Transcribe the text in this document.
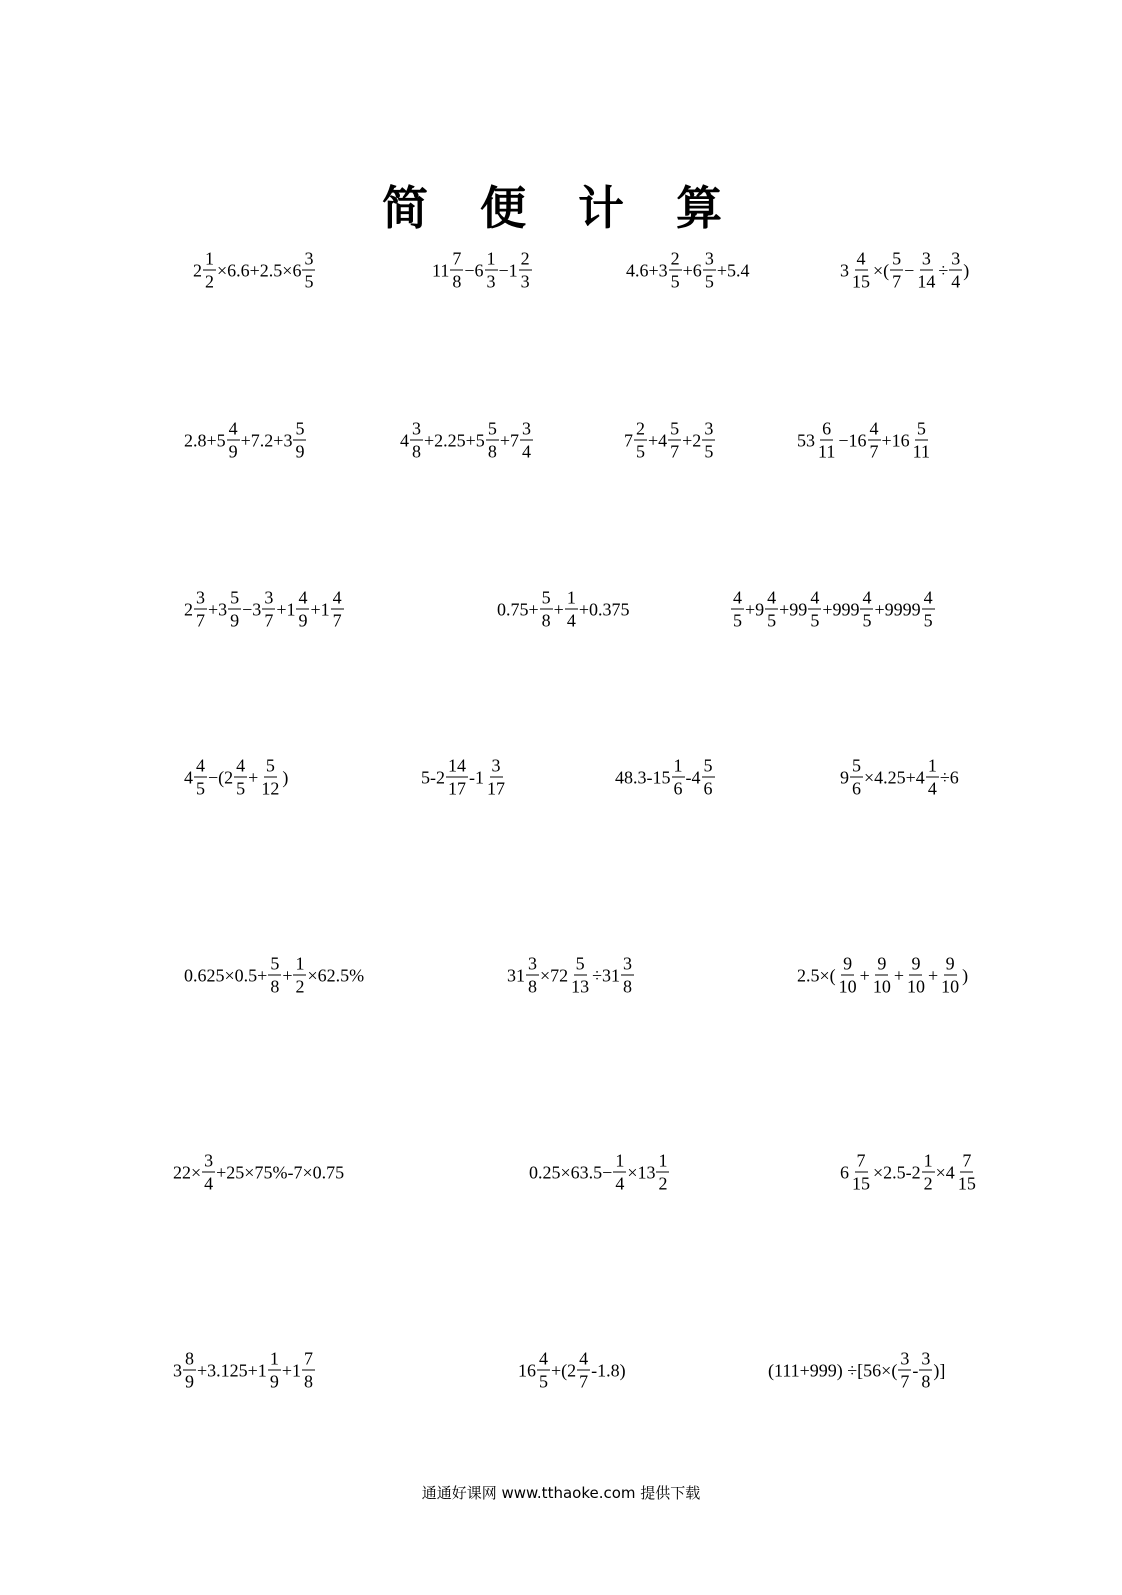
简 便 计 算
$2 \frac{1}{2} \times 6.6+2.5\times 6 \frac{3}{5}$	$11 \frac{7}{8} -6 \frac{1}{3} -1 \frac{2}{3}$	$4.6+3 \frac{2}{5} +6 \frac{3}{5} +5.4$	$3 \frac{4}{15}$ ×( $\frac{5}{7} - \frac{3}{14} \div \frac{3}{4}$ )
$2.8+5 \frac{4}{9} +7.2+3 \frac{5}{9}$	$4 \frac{3}{8} +2.25+5 \frac{5}{8} +7 \frac{3}{4}$	$7 \frac{2}{5} +4 \frac{5}{7} +2 \frac{3}{5}$	$53 \frac{6}{11} -16 \frac{4}{7} +16 \frac{5}{11}$
$2 \frac{3}{7} +3 \frac{5}{9} -3 \frac{3}{7} +1 \frac{4}{9} +1 \frac{4}{7}$	$0.75+ \frac{5}{8} + \frac{1}{4} +0.375$	$\frac{4}{5} +9 \frac{4}{5} +99 \frac{4}{5} +999 \frac{4}{5} +9999 \frac{4}{5}$
$4 \frac{4}{5} -(2 \frac{4}{5} + \frac{5}{12}$ )	$5-2 \frac{14}{17} -1 \frac{3}{17}$	$48.3-15 \frac{1}{6} -4 \frac{5}{6}$	$9 \frac{5}{6} \times 4.25+4 \frac{1}{4} \div 6$
$0.625\times 0.5+ \frac{5}{8} + \frac{1}{2} \times 62.5\%$	$31 \frac{3}{8} \times 72 \frac{5}{13} \div 31 \frac{3}{8}$	$2.5\times( \frac{9}{10} + \frac{9}{10} + \frac{9}{10} + \frac{9}{10}$ )
$22\times \frac{3}{4} +25\times 75\%-7\times 0.75$	$0.25\times 63.5- \frac{1}{4} \times 13 \frac{1}{2}$	$6 \frac{7}{15} \times 2.5-2 \frac{1}{2} \times 4 \frac{7}{15}$
$3 \frac{8}{9} +3.125+1 \frac{1}{9} +1 \frac{7}{8}$	$16 \frac{4}{5} +(2 \frac{4}{7} -1.8)$	$(111+999) \div[56\times( \frac{3}{7} - \frac{3}{8}$ )]
通通好课网 www.tthaoke.com 提供下载
